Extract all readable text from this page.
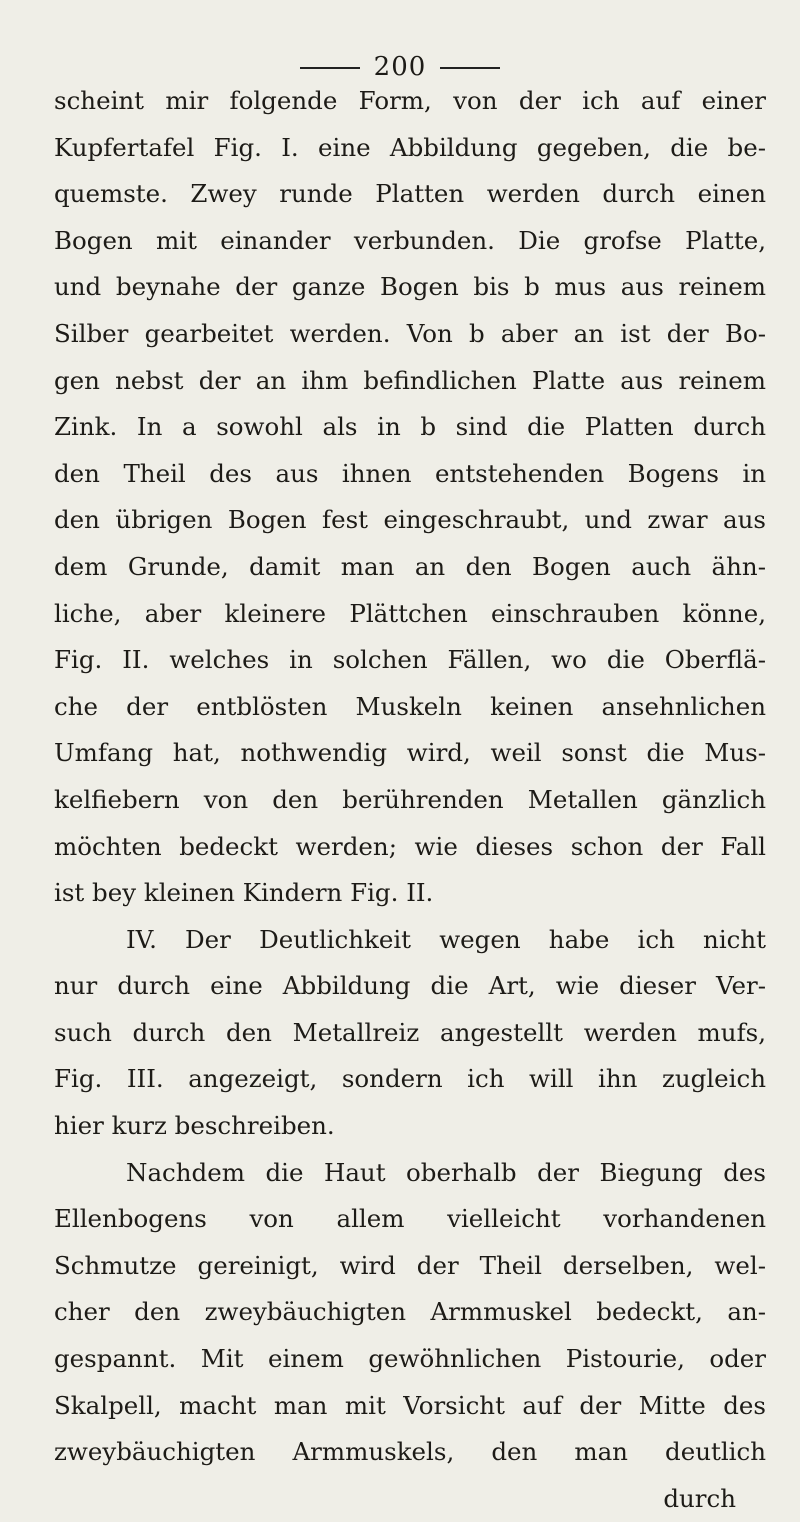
200
scheint mir folgende Form, von der ich auf einer
Kupfertafel Fig. I. eine Abbildung gegeben, die be-
quemste. Zwey runde Platten werden durch einen
Bogen mit einander verbunden. Die grofse Platte,
und beynahe der ganze Bogen bis b mus aus reinem
Silber gearbeitet werden. Von b aber an ist der Bo-
gen nebst der an ihm befindlichen Platte aus reinem
Zink. In a sowohl als in b sind die Platten durch
den Theil des aus ihnen entstehenden Bogens in
den übrigen Bogen fest eingeschraubt, und zwar aus
dem Grunde, damit man an den Bogen auch ähn-
liche, aber kleinere Plättchen einschrauben könne,
Fig. II. welches in solchen Fällen, wo die Oberflä-
che der entblösten Muskeln keinen ansehnlichen
Umfang hat, nothwendig wird, weil sonst die Mus-
kelfiebern von den berührenden Metallen gänzlich
möchten bedeckt werden; wie dieses schon der Fall
ist bey kleinen Kindern Fig. II.
IV. Der Deutlichkeit wegen habe ich nicht
nur durch eine Abbildung die Art, wie dieser Ver-
such durch den Metallreiz angestellt werden mufs,
Fig. III. angezeigt, sondern ich will ihn zugleich
hier kurz beschreiben.
Nachdem die Haut oberhalb der Biegung des
Ellenbogens von allem vielleicht vorhandenen
Schmutze gereinigt, wird der Theil derselben, wel-
cher den zweybäuchigten Armmuskel bedeckt, an-
gespannt. Mit einem gewöhnlichen Pistourie, oder
Skalpell, macht man mit Vorsicht auf der Mitte des
zweybäuchigten Armmuskels, den man deutlich
durch
